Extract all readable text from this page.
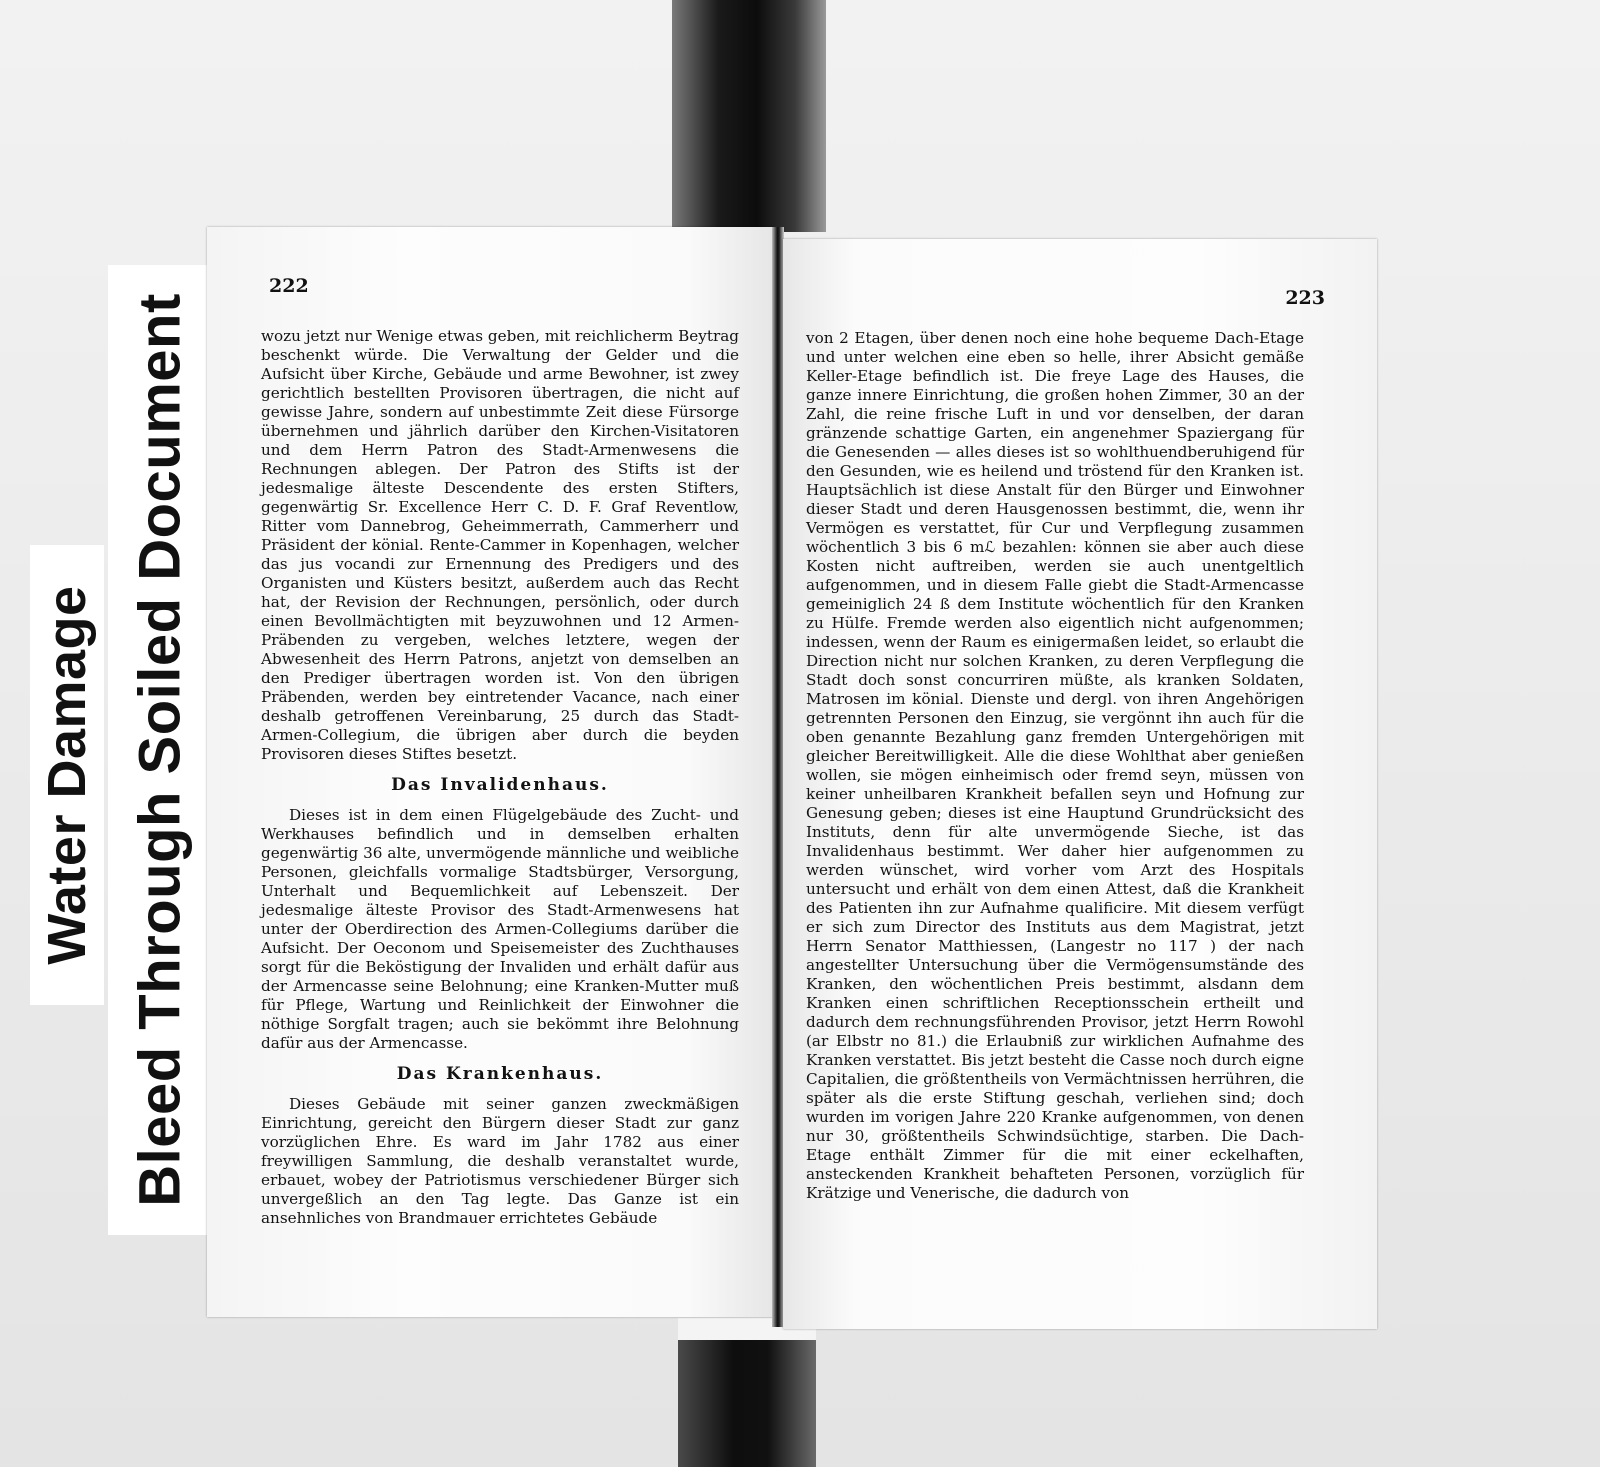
Water Damage Bleed Through Soiled Document
222

wozu jetzt nur Wenige etwas geben, mit reichlicherm Beytrag beschenkt würde. Die Verwaltung der Gelder und die Aufsicht über Kirche, Gebäude und arme Bewohner, ist zwey gerichtlich bestellten Provisoren übertragen, die nicht auf gewisse Jahre, sondern auf unbestimmte Zeit diese Fürsorge übernehmen und jährlich darüber den Kirchen-Visitatoren und dem Herrn Patron des Stadt-Armenwesens die Rechnungen ablegen. Der Patron des Stifts ist der jedesmalige älteste Descendente des ersten Stifters, gegenwärtig Sr. Excellence Herr C. D. F. Graf Reventlow, Ritter vom Dannebrog, Geheimmerrath, Cammerherr und Präsident der könial. Rente-Cammer in Kopenhagen, welcher das jus vocandi zur Ernennung des Predigers und des Organisten und Küsters besitzt, außerdem auch das Recht hat, der Revision der Rechnungen, persönlich, oder durch einen Bevollmächtigten mit beyzuwohnen und 12 Armen-Präbenden zu vergeben, welches letztere, wegen der Abwesenheit des Herrn Patrons, anjetzt von demselben an den Prediger übertragen worden ist. Von den übrigen Präbenden, werden bey eintretender Vacance, nach einer deshalb getroffenen Vereinbarung, 25 durch das Stadt-Armen-Collegium, die übrigen aber durch die beyden Provisoren dieses Stiftes besetzt.

Das Invalidenhaus.

Dieses ist in dem einen Flügelgebäude des Zucht- und Werkhauses befindlich und in demselben erhalten gegenwärtig 36 alte, unvermögende männliche und weibliche Personen, gleichfalls vormalige Stadtsbürger, Versorgung, Unterhalt und Bequemlichkeit auf Lebenszeit. Der jedesmalige älteste Provisor des Stadt-Armenwesens hat unter der Oberdirection des Armen-Collegiums darüber die Aufsicht. Der Oeconom und Speisemeister des Zuchthauses sorgt für die Beköstigung der Invaliden und erhält dafür aus der Armencasse seine Belohnung; eine Kranken-Mutter muß für Pflege, Wartung und Reinlichkeit der Einwohner die nöthige Sorgfalt tragen; auch sie bekömmt ihre Belohnung dafür aus der Armencasse.

Das Krankenhaus.

Dieses Gebäude mit seiner ganzen zweckmäßigen Einrichtung, gereicht den Bürgern dieser Stadt zur ganz vorzüglichen Ehre. Es ward im Jahr 1782 aus einer freywilligen Sammlung, die deshalb veranstaltet wurde, erbauet, wobey der Patriotismus verschiedener Bürger sich unvergeßlich an den Tag legte. Das Ganze ist ein ansehnliches von Brandmauer errichtetes Gebäude

223

von 2 Etagen, über denen noch eine hohe bequeme Dach-Etage und unter welchen eine eben so helle, ihrer Absicht gemäße Keller-Etage befindlich ist. Die freye Lage des Hauses, die ganze innere Einrichtung, die großen hohen Zimmer, 30 an der Zahl, die reine frische Luft in und vor denselben, der daran gränzende schattige Garten, ein angenehmer Spaziergang für die Genesenden — alles dieses ist so wohlthuendberuhigend für den Gesunden, wie es heilend und tröstend für den Kranken ist. Hauptsächlich ist diese Anstalt für den Bürger und Einwohner dieser Stadt und deren Hausgenossen bestimmt, die, wenn ihr Vermögen es verstattet, für Cur und Verpflegung zusammen wöchentlich 3 bis 6 mℒ bezahlen: können sie aber auch diese Kosten nicht auftreiben, werden sie auch unentgeltlich aufgenommen, und in diesem Falle giebt die Stadt-Armencasse gemeiniglich 24 ß dem Institute wöchentlich für den Kranken zu Hülfe. Fremde werden also eigentlich nicht aufgenommen; indessen, wenn der Raum es einigermaßen leidet, so erlaubt die Direction nicht nur solchen Kranken, zu deren Verpflegung die Stadt doch sonst concurriren müßte, als kranken Soldaten, Matrosen im könial. Dienste und dergl. von ihren Angehörigen getrennten Personen den Einzug, sie vergönnt ihn auch für die oben genannte Bezahlung ganz fremden Untergehörigen mit gleicher Bereitwilligkeit. Alle die diese Wohlthat aber genießen wollen, sie mögen einheimisch oder fremd seyn, müssen von keiner unheilbaren Krankheit befallen seyn und Hofnung zur Genesung geben; dieses ist eine Hauptund Grundrücksicht des Instituts, denn für alte unvermögende Sieche, ist das Invalidenhaus bestimmt. Wer daher hier aufgenommen zu werden wünschet, wird vorher vom Arzt des Hospitals untersucht und erhält von dem einen Attest, daß die Krankheit des Patienten ihn zur Aufnahme qualificire. Mit diesem verfügt er sich zum Director des Instituts aus dem Magistrat, jetzt Herrn Senator Matthiessen, (Langestr no 117 ) der nach angestellter Untersuchung über die Vermögensumstände des Kranken, den wöchentlichen Preis bestimmt, alsdann dem Kranken einen schriftlichen Receptionsschein ertheilt und dadurch dem rechnungsführenden Provisor, jetzt Herrn Rowohl (ar Elbstr no 81.) die Erlaubniß zur wirklichen Aufnahme des Kranken verstattet. Bis jetzt besteht die Casse noch durch eigne Capitalien, die größtentheils von Vermächtnissen herrühren, die später als die erste Stiftung geschah, verliehen sind; doch wurden im vorigen Jahre 220 Kranke aufgenommen, von denen nur 30, größtentheils Schwindsüchtige, starben. Die Dach-Etage enthält Zimmer für die mit einer eckelhaften, ansteckenden Krankheit behafteten Personen, vorzüglich für Krätzige und Venerische, die dadurch von
